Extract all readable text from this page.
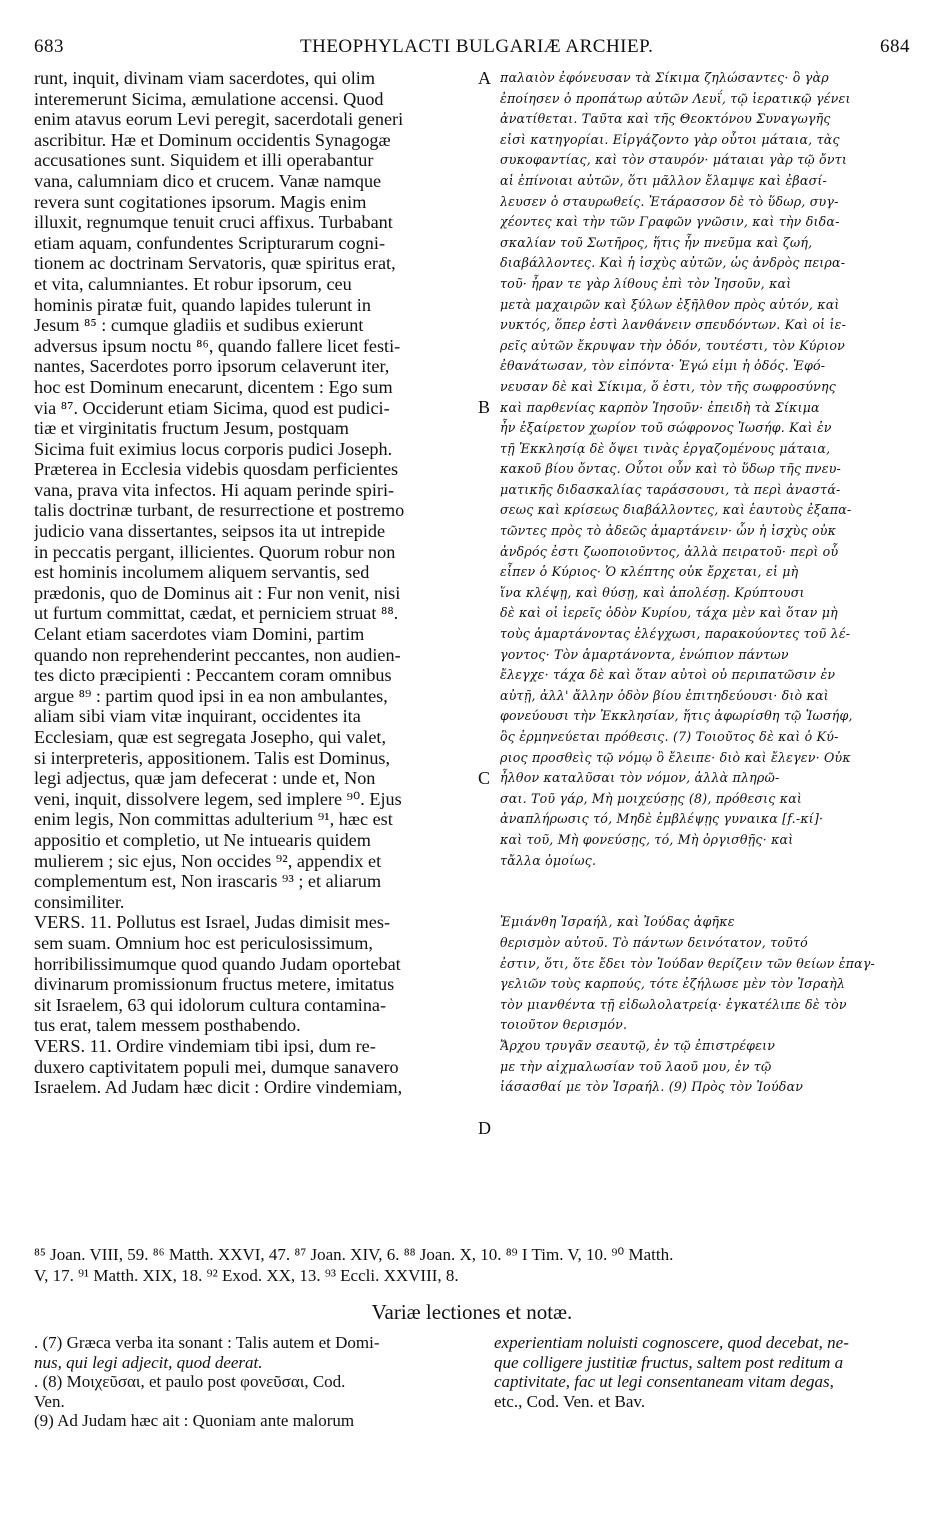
683	THEOPHYLACTI BULGARIÆ ARCHIEP.	684
runt, inquit, divinam viam sacerdotes, qui olim
interemerunt Sicima, æmulatione accensi. Quod
enim atavus eorum Levi peregit, sacerdotali generi
ascribitur. Hæ et Dominum occidentis Synagogæ
accusationes sunt. Siquidem et illi operabantur
vana, calumniam dico et crucem. Vanæ namque
revera sunt cogitationes ipsorum. Magis enim
illuxit, regnumque tenuit cruci affixus. Turbabant
etiam aquam, confundentes Scripturarum cogni-
tionem ac doctrinam Servatoris, quæ spiritus erat,
et vita, calumniantes. Et robur ipsorum, ceu
hominis piratæ fuit, quando lapides tulerunt in
Jesum ⁸⁵ : cumque gladiis et sudibus exierunt
adversus ipsum noctu ⁸⁶, quando fallere licet festi-
nantes, Sacerdotes porro ipsorum celaverunt iter,
hoc est Dominum enecarunt, dicentem : Ego sum
via ⁸⁷. Occiderunt etiam Sicima, quod est pudici-
tiæ et virginitatis fructum Jesum, postquam
Sicima fuit eximius locus corporis pudici Joseph.
Præterea in Ecclesia videbis quosdam perficientes
vana, prava vita infectos. Hi aquam perinde spiri-
talis doctrinæ turbant, de resurrectione et postremo
judicio vana dissertantes, seipsos ita ut intrepide
in peccatis pergant, illicientes. Quorum robur non
est hominis incolumem aliquem servantis, sed
prædonis, quo de Dominus ait : Fur non venit, nisi
ut furtum committat, cædat, et perniciem struat ⁸⁸.
Celant etiam sacerdotes viam Domini, partim
quando non reprehenderint peccantes, non audien-
tes dicto præcipienti : Peccantem coram omnibus
argue ⁸⁹ : partim quod ipsi in ea non ambulantes,
aliam sibi viam vitæ inquirant, occidentes ita
Ecclesiam, quæ est segregata Josepho, qui valet,
si interpreteris, appositionem. Talis est Dominus,
legi adjectus, quæ jam defecerat : unde et, Non
veni, inquit, dissolvere legem, sed implere ⁹⁰. Ejus
enim legis, Non committas adulterium ⁹¹, hæc est
appositio et completio, ut Ne intuearis quidem
mulierem ; sic ejus, Non occides ⁹², appendix et
complementum est, Non irascaris ⁹³ ; et aliarum
consimiliter.
VERS. 11. Pollutus est Israel, Judas dimisit mes-
sem suam. Omnium hoc est periculosissimum,
horribilissimumque quod quando Judam oportebat
divinarum promissionum fructus metere, imitatus
sit Israelem, 63 qui idolorum cultura contamina-
tus erat, talem messem posthabendo.
VERS. 11. Ordire vindemiam tibi ipsi, dum re-
duxero captivitatem populi mei, dumque sanavero
Israelem. Ad Judam hæc dicit : Ordire vindemiam,
παλαιὸν ἐφόνευσαν τὰ Σίκιμα ζηλώσαντες· ὃ γὰρ
ἐποίησεν ὁ προπάτωρ αὐτῶν Λευΐ, τῷ ἱερατικῷ γένει
ἀνατίθεται. Ταῦτα καὶ τῆς Θεοκτόνου Συναγωγῆς
εἰσὶ κατηγορίαι. Εἰργάζοντο γὰρ οὗτοι μάταια, τὰς
συκοφαντίας, καὶ τὸν σταυρόν· μάταιαι γὰρ τῷ ὄντι
αἱ ἐπίνοιαι αὐτῶν, ὅτι μᾶλλον ἔλαμψε καὶ ἐβασί-
λευσεν ὁ σταυρωθείς. Ἐτάρασσον δὲ τὸ ὕδωρ, συγ-
χέοντες καὶ τὴν τῶν Γραφῶν γνῶσιν, καὶ τὴν διδα-
σκαλίαν τοῦ Σωτῆρος, ἥτις ἦν πνεῦμα καὶ ζωή,
διαβάλλοντες. Καὶ ἡ ἰσχὺς αὐτῶν, ὡς ἀνδρὸς πειρα-
τοῦ· ἦραν τε γὰρ λίθους ἐπὶ τὸν Ἰησοῦν, καὶ
μετὰ μαχαιρῶν καὶ ξύλων ἐξῆλθον πρὸς αὐτόν, καὶ
νυκτός, ὅπερ ἐστὶ λανθάνειν σπευδόντων. Καὶ οἱ ἱε-
ρεῖς αὐτῶν ἔκρυψαν τὴν ὁδόν, τουτέστι, τὸν Κύριον
ἐθανάτωσαν, τὸν εἰπόντα· Ἐγώ εἰμι ἡ ὁδός. Ἐφό-
νευσαν δὲ καὶ Σίκιμα, ὅ ἐστι, τὸν τῆς σωφροσύνης
καὶ παρθενίας καρπὸν Ἰησοῦν· ἐπειδὴ τὰ Σίκιμα
ἦν ἐξαίρετον χωρίον τοῦ σώφρονος Ἰωσήφ. Καὶ ἐν
τῇ Ἐκκλησίᾳ δὲ ὄψει τινὰς ἐργαζομένους μάταια,
κακοῦ βίου ὄντας. Οὗτοι οὖν καὶ τὸ ὕδωρ τῆς πνευ-
ματικῆς διδασκαλίας ταράσσουσι, τὰ περὶ ἀναστά-
σεως καὶ κρίσεως διαβάλλοντες, καὶ ἑαυτοὺς ἐξαπα-
τῶντες πρὸς τὸ ἀδεῶς ἁμαρτάνειν· ὧν ἡ ἰσχὺς οὐκ
ἀνδρός ἐστι ζωοποιοῦντος, ἀλλὰ πειρατοῦ· περὶ οὗ
εἶπεν ὁ Κύριος· Ὁ κλέπτης οὐκ ἔρχεται, εἰ μὴ
ἵνα κλέψῃ, καὶ θύσῃ, καὶ ἀπολέσῃ. Κρύπτουσι
δὲ καὶ οἱ ἱερεῖς ὁδὸν Κυρίου, τάχα μὲν καὶ ὅταν μὴ
τοὺς ἁμαρτάνοντας ἐλέγχωσι, παρακούοντες τοῦ λέ-
γοντος· Τὸν ἁμαρτάνοντα, ἐνώπιον πάντων
ἔλεγχε· τάχα δὲ καὶ ὅταν αὐτοὶ οὐ περιπατῶσιν ἐν
αὐτῇ, ἀλλ' ἄλλην ὁδὸν βίου ἐπιτηδεύουσι· διὸ καὶ
φονεύουσι τὴν Ἐκκλησίαν, ἥτις ἀφωρίσθη τῷ Ἰωσήφ,
ὃς ἑρμηνεύεται πρόθεσις. (7) Τοιοῦτος δὲ καὶ ὁ Κύ-
ριος προσθεὶς τῷ νόμῳ ὃ ἔλειπε· διὸ καὶ ἔλεγεν· Οὐκ
ἦλθον καταλῦσαι τὸν νόμον, ἀλλὰ πληρῶ-
σαι. Τοῦ γάρ, Μὴ μοιχεύσῃς (8), πρόθεσις καὶ
ἀναπλήρωσις τό, Μηδὲ ἐμβλέψῃς γυναικα [f.-κί]·
καὶ τοῦ, Μὴ φονεύσῃς, τό, Μὴ ὀργισθῇς· καὶ
τἄλλα ὁμοίως.
Ἐμιάνθη Ἰσραήλ, καὶ Ἰούδας ἀφῆκε
θερισμὸν αὐτοῦ. Τὸ πάντων δεινότατον, τοῦτό
ἐστιν, ὅτι, ὅτε ἔδει τὸν Ἰούδαν θερίζειν τῶν θείων ἐπαγ-
γελιῶν τοὺς καρπούς, τότε ἐζήλωσε μὲν τὸν Ἰσραὴλ
τὸν μιανθέντα τῇ εἰδωλολατρείᾳ· ἐγκατέλιπε δὲ τὸν
τοιοῦτον θερισμόν.
Ἄρχου τρυγᾶν σεαυτῷ, ἐν τῷ ἐπιστρέφειν
με τὴν αἰχμαλωσίαν τοῦ λαοῦ μου, ἐν τῷ
ἰάσασθαί με τὸν Ἰσραήλ. (9) Πρὸς τὸν Ἰούδαν
A
B
C
D
⁸⁵ Joan. VIII, 59. ⁸⁶ Matth. XXVI, 47. ⁸⁷ Joan. XIV, 6. ⁸⁸ Joan. X, 10. ⁸⁹ I Tim. V, 10. ⁹⁰ Matth.
V, 17. ⁹¹ Matth. XIX, 18. ⁹² Exod. XX, 13. ⁹³ Eccli. XXVIII, 8.
Variæ lectiones et notæ.
. (7) Græca verba ita sonant : Talis autem et Domi-
nus, qui legi adjecit, quod deerat.
. (8) Μοιχεῦσαι, et paulo post φονεῦσαι, Cod.
Ven.
(9) Ad Judam hæc ait : Quoniam ante malorum
experientiam noluisti cognoscere, quod decebat, ne-
que colligere justitiæ fructus, saltem post reditum a
captivitate, fac ut legi consentaneam vitam degas,
etc., Cod. Ven. et Bav.
